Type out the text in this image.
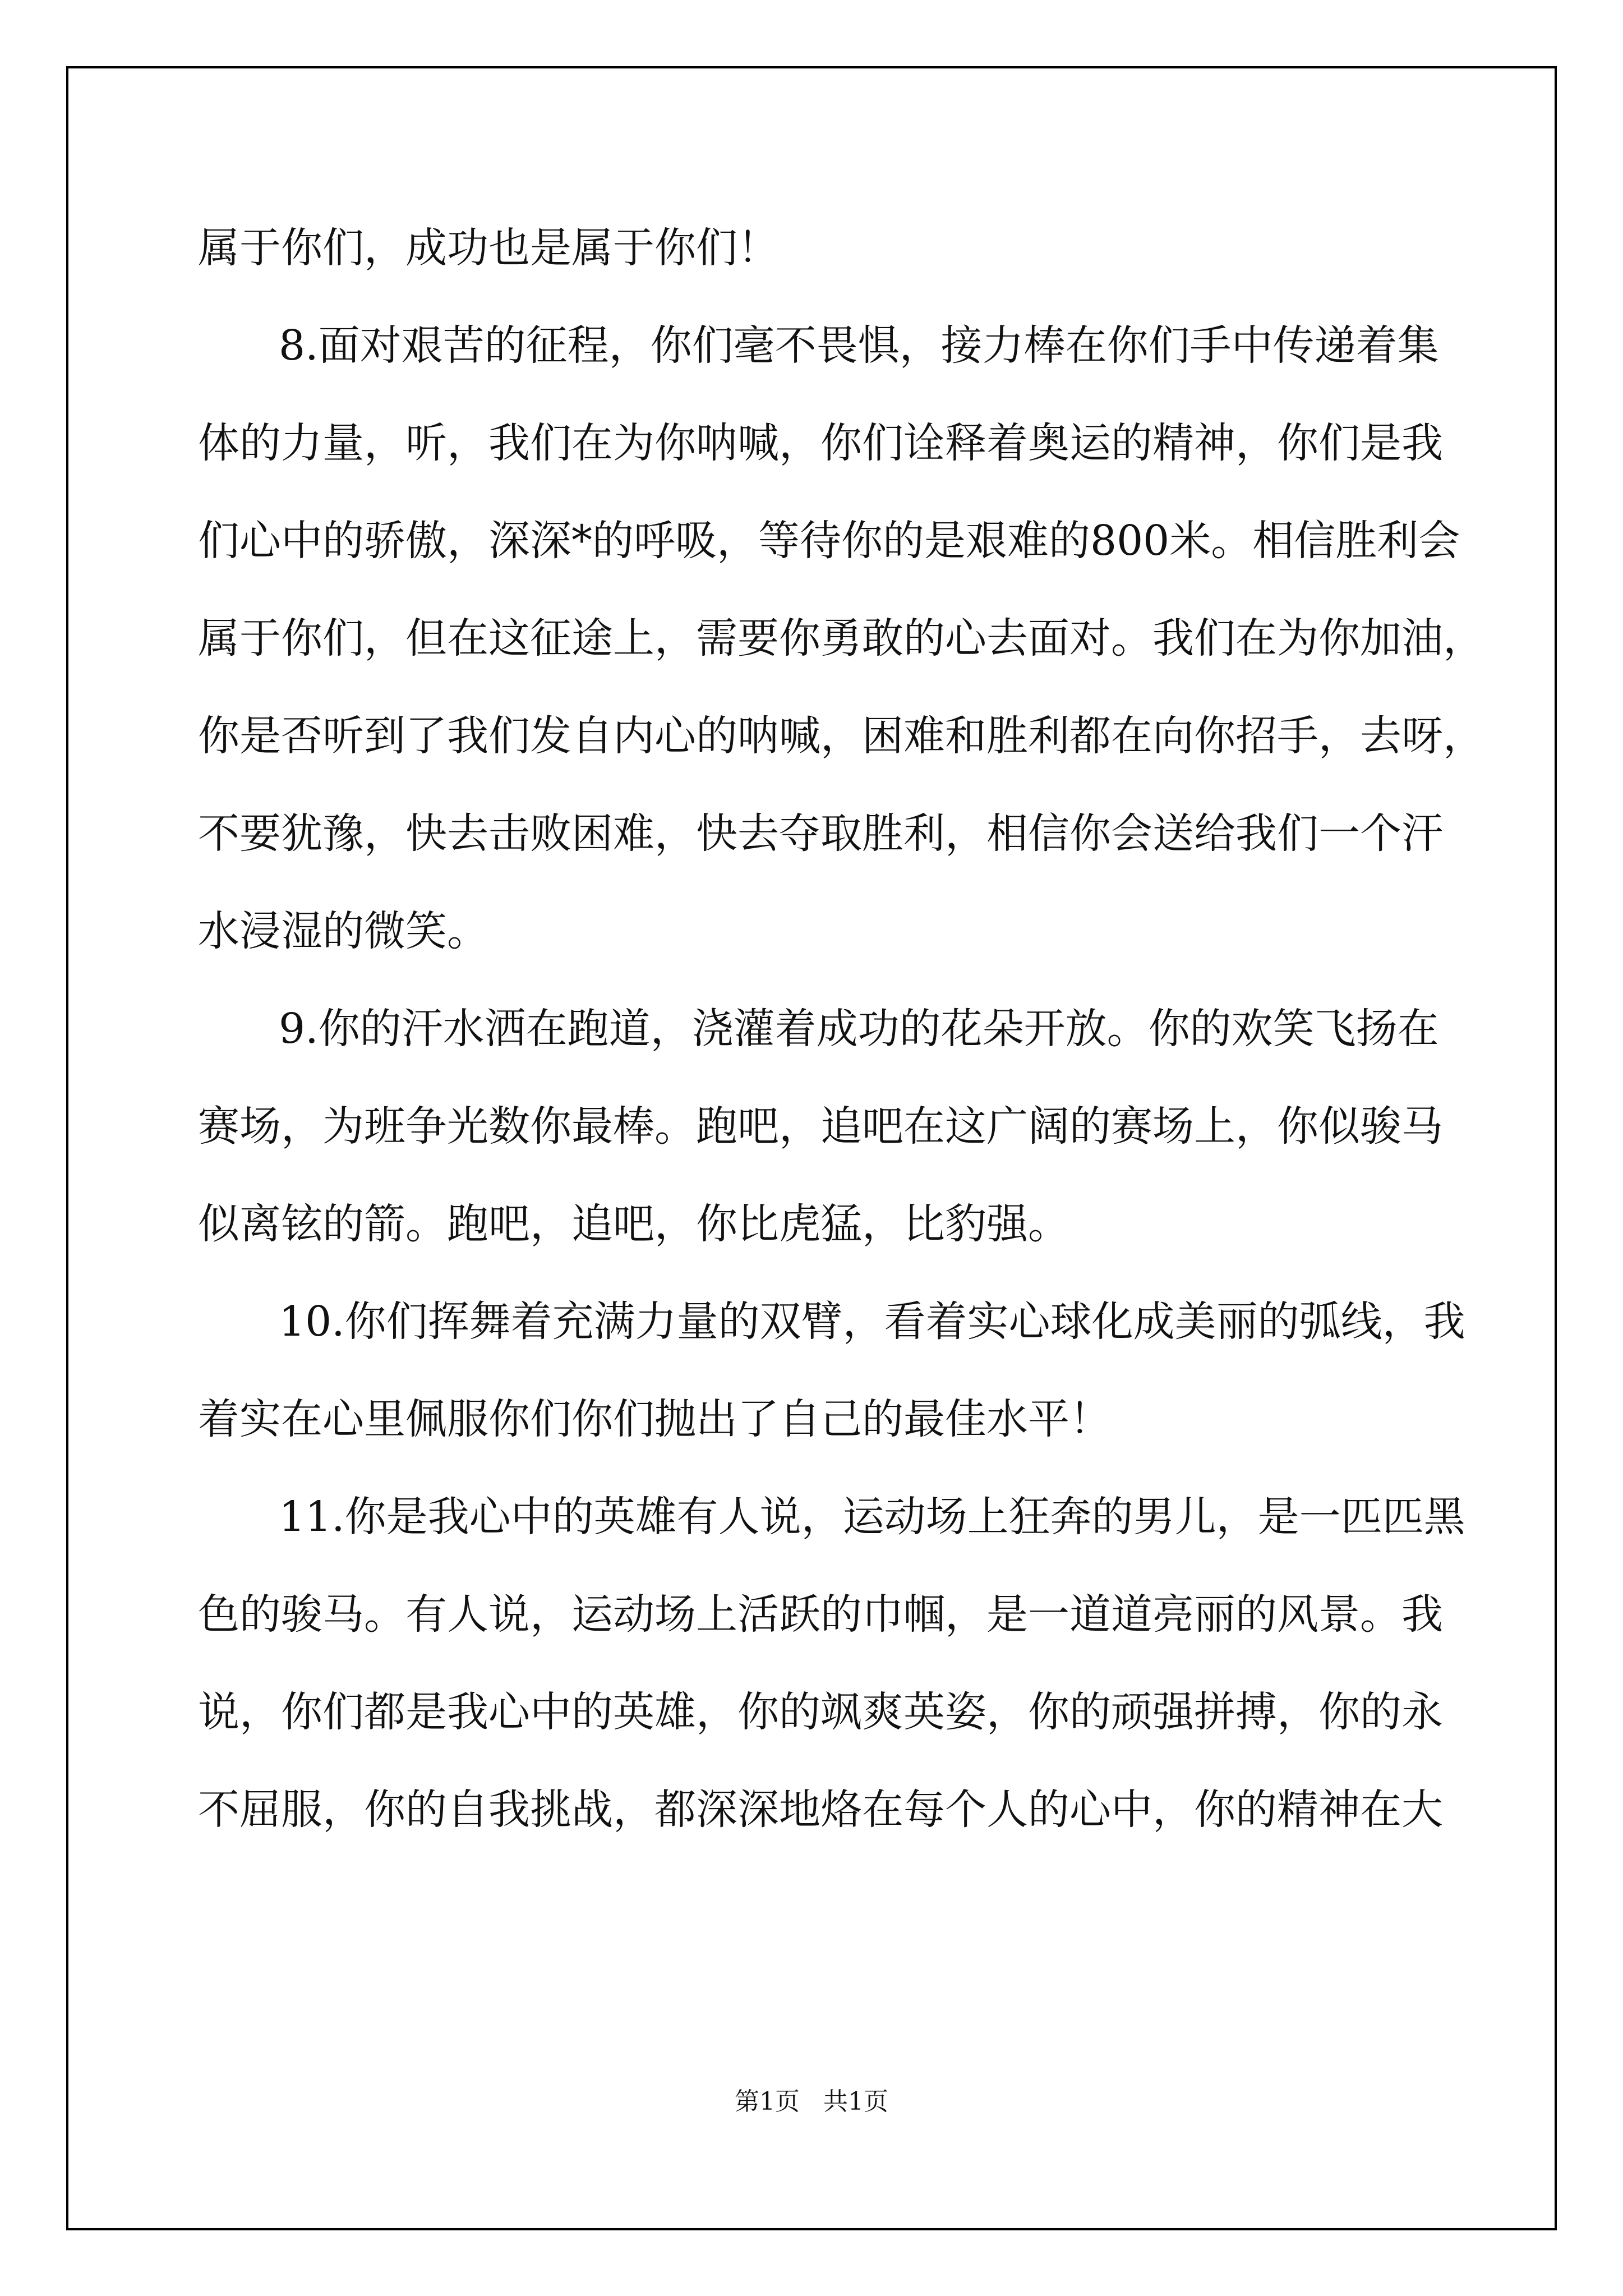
属于你们，成功也是属于你们！
8.面对艰苦的征程，你们毫不畏惧，接力棒在你们手中传递着集
体的力量，听，我们在为你呐喊，你们诠释着奥运的精神，你们是我
们心中的骄傲，深深*的呼吸，等待你的是艰难的800米。相信胜利会
属于你们，但在这征途上，需要你勇敢的心去面对。我们在为你加油，
你是否听到了我们发自内心的呐喊，困难和胜利都在向你招手，去呀，
不要犹豫，快去击败困难，快去夺取胜利，相信你会送给我们一个汗
水浸湿的微笑。
9.你的汗水洒在跑道，浇灌着成功的花朵开放。你的欢笑飞扬在
赛场，为班争光数你最棒。跑吧，追吧在这广阔的赛场上，你似骏马
似离铉的箭。跑吧，追吧，你比虎猛，比豹强。
10.你们挥舞着充满力量的双臂，看着实心球化成美丽的弧线，我
着实在心里佩服你们你们抛出了自己的最佳水平！
11.你是我心中的英雄有人说，运动场上狂奔的男儿，是一匹匹黑
色的骏马。有人说，运动场上活跃的巾帼，是一道道亮丽的风景。我
说，你们都是我心中的英雄，你的飒爽英姿，你的顽强拼搏，你的永
不屈服，你的自我挑战，都深深地烙在每个人的心中，你的精神在大
第1页   共1页
